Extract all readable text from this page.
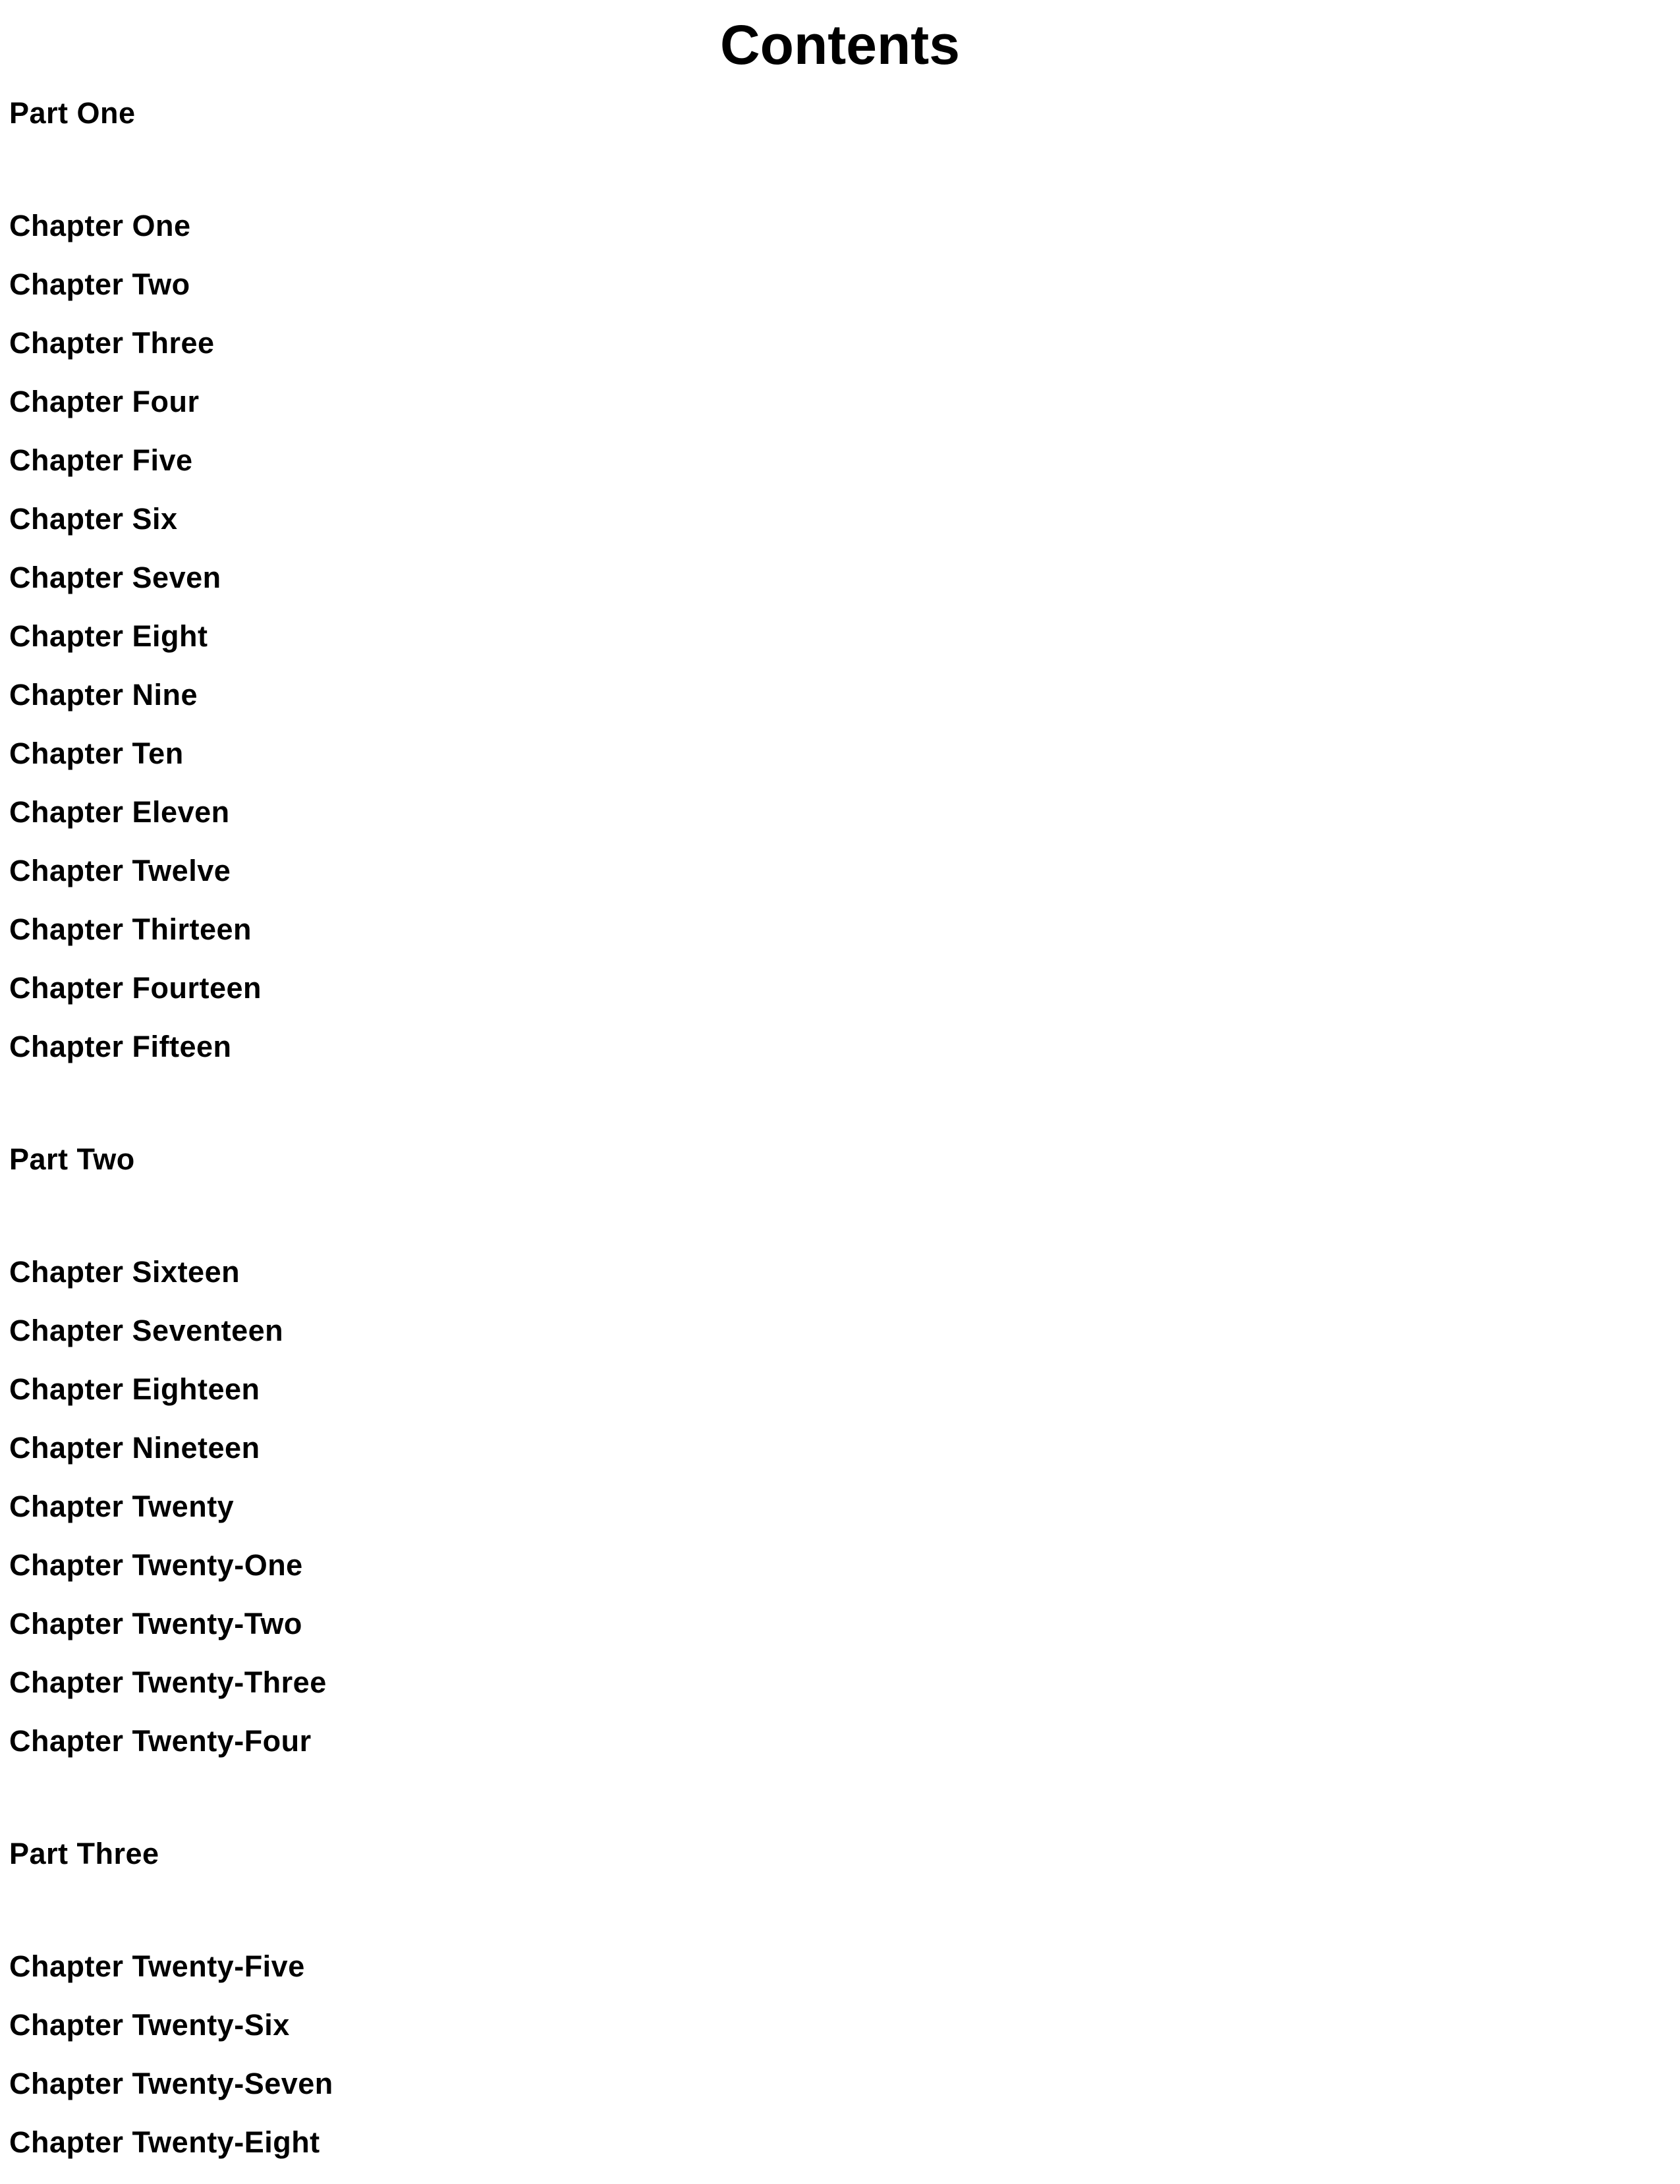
Contents
Part One
Chapter One
Chapter Two
Chapter Three
Chapter Four
Chapter Five
Chapter Six
Chapter Seven
Chapter Eight
Chapter Nine
Chapter Ten
Chapter Eleven
Chapter Twelve
Chapter Thirteen
Chapter Fourteen
Chapter Fifteen
Part Two
Chapter Sixteen
Chapter Seventeen
Chapter Eighteen
Chapter Nineteen
Chapter Twenty
Chapter Twenty-One
Chapter Twenty-Two
Chapter Twenty-Three
Chapter Twenty-Four
Part Three
Chapter Twenty-Five
Chapter Twenty-Six
Chapter Twenty-Seven
Chapter Twenty-Eight
